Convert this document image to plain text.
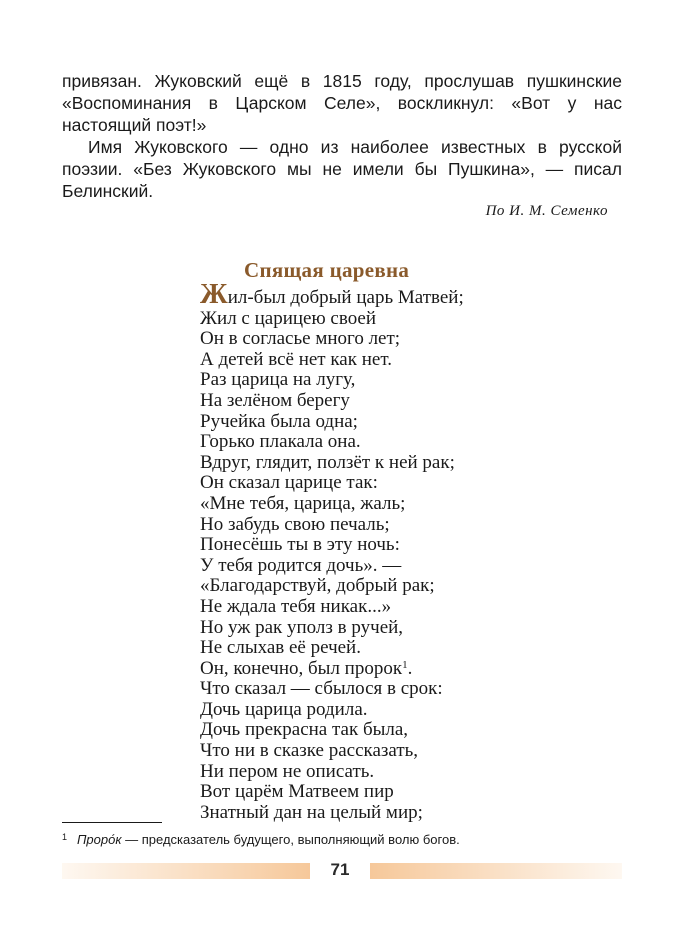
привязан. Жуковский ещё в 1815 году, прослушав пушкинские «Воспоминания в Царском Селе», воскликнул: «Вот у нас настоящий поэт!»

Имя Жуковского — одно из наиболее известных в русской поэзии. «Без Жуковского мы не имели бы Пушкина», — писал Белинский.

По И. М. Семенко
Спящая царевна
Жил-был добрый царь Матвей;
Жил с царицею своей
Он в согласье много лет;
А детей всё нет как нет.
Раз царица на лугу,
На зелёном берегу
Ручейка была одна;
Горько плакала она.
Вдруг, глядит, ползёт к ней рак;
Он сказал царице так:
«Мне тебя, царица, жаль;
Но забудь свою печаль;
Понесёшь ты в эту ночь:
У тебя родится дочь». —
«Благодарствуй, добрый рак;
Не ждала тебя никак...»
Но уж рак уполз в ручей,
Не слыхав её речей.
Он, конечно, был пророк$^1$.
Что сказал — сбылося в срок:
Дочь царица родила.
Дочь прекрасна так была,
Что ни в сказке рассказать,
Ни пером не описать.
Вот царём Матвеем пир
Знатный дан на целый мир;
$^1$ Проро́к — предсказатель будущего, выполняющий волю богов.
71
